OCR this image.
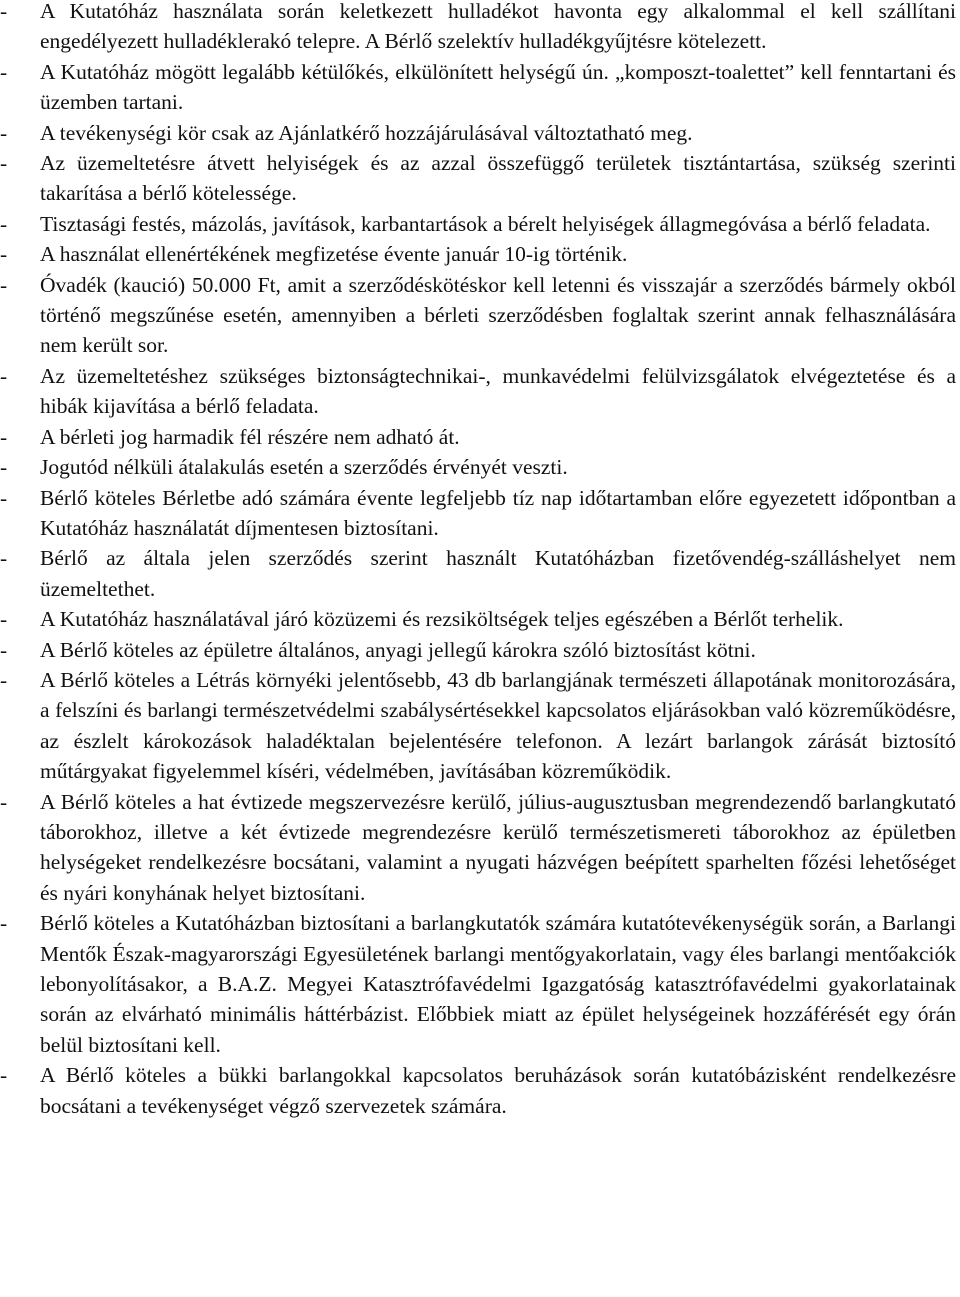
-	A Kutatóház használata során keletkezett hulladékot havonta egy alkalommal el kell szállítani engedélyezett hulladéklerakó telepre. A Bérlő szelektív hulladékgyűjtésre kötelezett.
-	A Kutatóház mögött legalább kétülőkés, elkülönített helységű ún. „komposzt-toalettet” kell fenntartani és üzemben tartani.
-	A tevékenységi kör csak az Ajánlatkérő hozzájárulásával változtatható meg.
-	Az üzemeltetésre átvett helyiségek és az azzal összefüggő területek tisztántartása, szükség szerinti takarítása a bérlő kötelessége.
-	Tisztasági festés, mázolás, javítások, karbantartások a bérelt helyiségek állagmegóvása a bérlő feladata.
-	A használat ellenértékének megfizetése évente január 10-ig történik.
-	Óvadék (kaució) 50.000 Ft, amit a szerződéskötéskor kell letenni és visszajár a szerződés bármely okból történő megszűnése esetén, amennyiben a bérleti szerződésben foglaltak szerint annak felhasználására nem került sor.
-	Az üzemeltetéshez szükséges biztonságtechnikai-, munkavédelmi felülvizsgálatok elvégeztetése és a hibák kijavítása a bérlő feladata.
-	A bérleti jog harmadik fél részére nem adható át.
-	Jogutód nélküli átalakulás esetén a szerződés érvényét veszti.
-	Bérlő köteles Bérletbe adó számára évente legfeljebb tíz nap időtartamban előre egyezetett időpontban a Kutatóház használatát díjmentesen biztosítani.
-	Bérlő az általa jelen szerződés szerint használt Kutatóházban fizetővendég-szálláshelyet nem üzemeltethet.
-	A Kutatóház használatával járó közüzemi és rezsiköltségek teljes egészében a Bérlőt terhelik.
-	A Bérlő köteles az épületre általános, anyagi jellegű károkra szóló biztosítást kötni.
-	A Bérlő köteles a Létrás környéki jelentősebb, 43 db barlangjának természeti állapotának monitorozására, a felszíni és barlangi természetvédelmi szabálysértésekkel kapcsolatos eljárásokban való közreműködésre, az észlelt károkozások haladéktalan bejelentésére telefonon. A lezárt barlangok zárását biztosító műtárgyakat figyelemmel kíséri, védelmében, javításában közreműködik.
-	A Bérlő köteles a hat évtizede megszervezésre kerülő, július-augusztusban megrendezendő barlangkutató táborokhoz, illetve a két évtizede megrendezésre kerülő természetismereti táborokhoz az épületben helységeket rendelkezésre bocsátani, valamint a nyugati házvégen beépített sparhelten főzési lehetőséget és nyári konyhának helyet biztosítani.
-	Bérlő köteles a Kutatóházban biztosítani a barlangkutatók számára kutatótevékenységük során, a Barlangi Mentők Észak-magyarországi Egyesületének barlangi mentőgyakorlatain, vagy éles barlangi mentőakciók lebonyolításakor, a B.A.Z. Megyei Katasztrófavédelmi Igazgatóság katasztrófavédelmi gyakorlatainak során az elvárható minimális háttérbázist. Előbbiek miatt az épület helységeinek hozzáférését egy órán belül biztosítani kell.
-	A Bérlő köteles a bükki barlangokkal kapcsolatos beruházások során kutatóbázisként rendelkezésre bocsátani a tevékenységet végző szervezetek számára.
